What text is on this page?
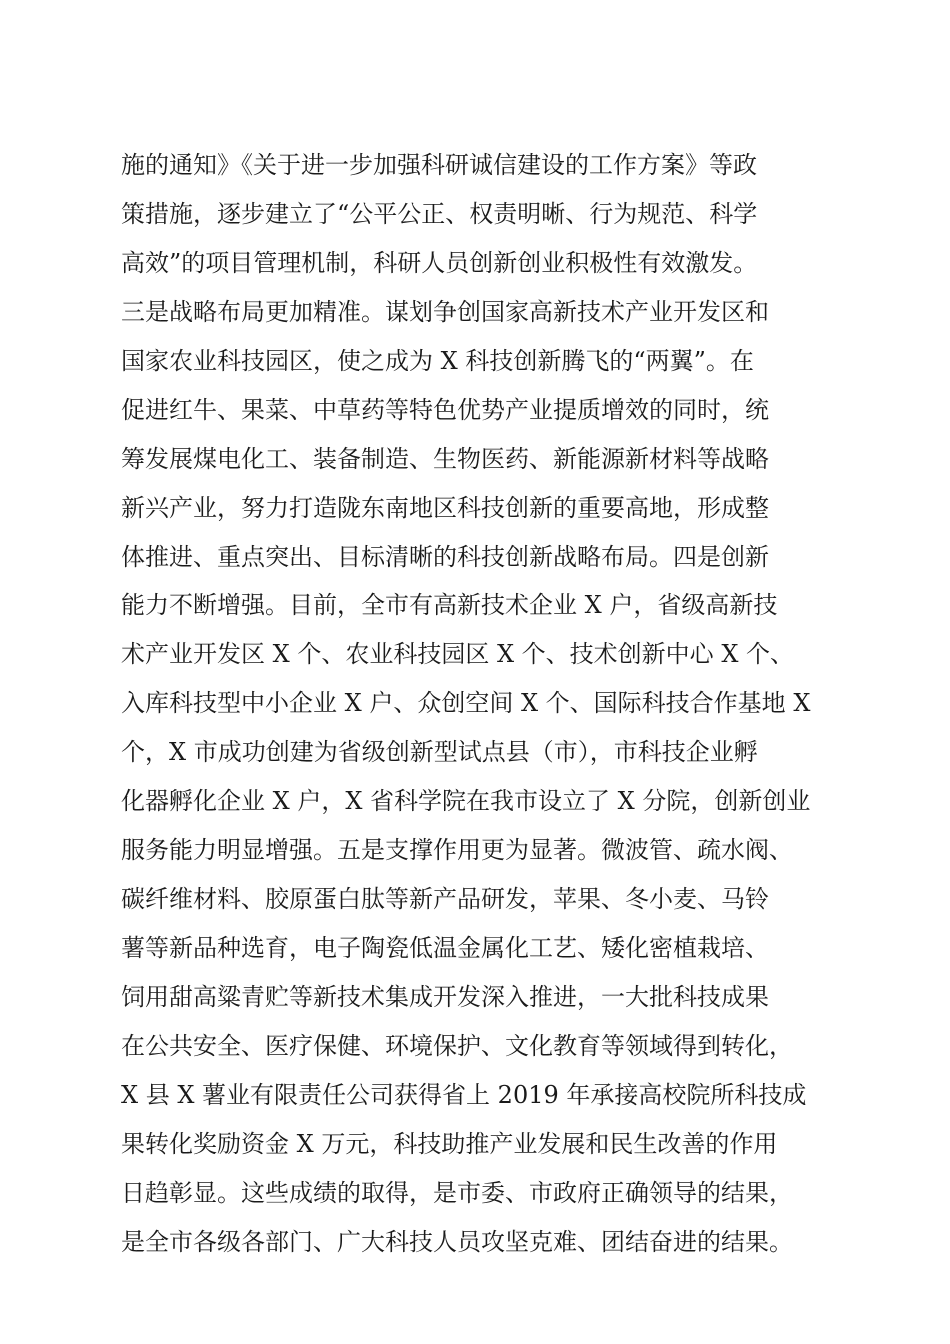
施的通知》《关于进一步加强科研诚信建设的工作方案》等政
策措施，逐步建立了“公平公正、权责明晰、行为规范、科学
高效”的项目管理机制，科研人员创新创业积极性有效激发。
三是战略布局更加精准。谋划争创国家高新技术产业开发区和
国家农业科技园区，使之成为 X 科技创新腾飞的“两翼”。在
促进红牛、果菜、中草药等特色优势产业提质增效的同时，统
筹发展煤电化工、装备制造、生物医药、新能源新材料等战略
新兴产业，努力打造陇东南地区科技创新的重要高地，形成整
体推进、重点突出、目标清晰的科技创新战略布局。四是创新
能力不断增强。目前，全市有高新技术企业 X 户，省级高新技
术产业开发区 X 个、农业科技园区 X 个、技术创新中心 X 个、
入库科技型中小企业 X 户、众创空间 X 个、国际科技合作基地 X
个，X 市成功创建为省级创新型试点县（市），市科技企业孵
化器孵化企业 X 户，X 省科学院在我市设立了 X 分院，创新创业
服务能力明显增强。五是支撑作用更为显著。微波管、疏水阀、
碳纤维材料、胶原蛋白肽等新产品研发，苹果、冬小麦、马铃
薯等新品种选育，电子陶瓷低温金属化工艺、矮化密植栽培、
饲用甜高粱青贮等新技术集成开发深入推进，一大批科技成果
在公共安全、医疗保健、环境保护、文化教育等领域得到转化，
X 县 X 薯业有限责任公司获得省上 2019 年承接高校院所科技成
果转化奖励资金 X 万元，科技助推产业发展和民生改善的作用
日趋彰显。这些成绩的取得，是市委、市政府正确领导的结果，
是全市各级各部门、广大科技人员攻坚克难、团结奋进的结果。
